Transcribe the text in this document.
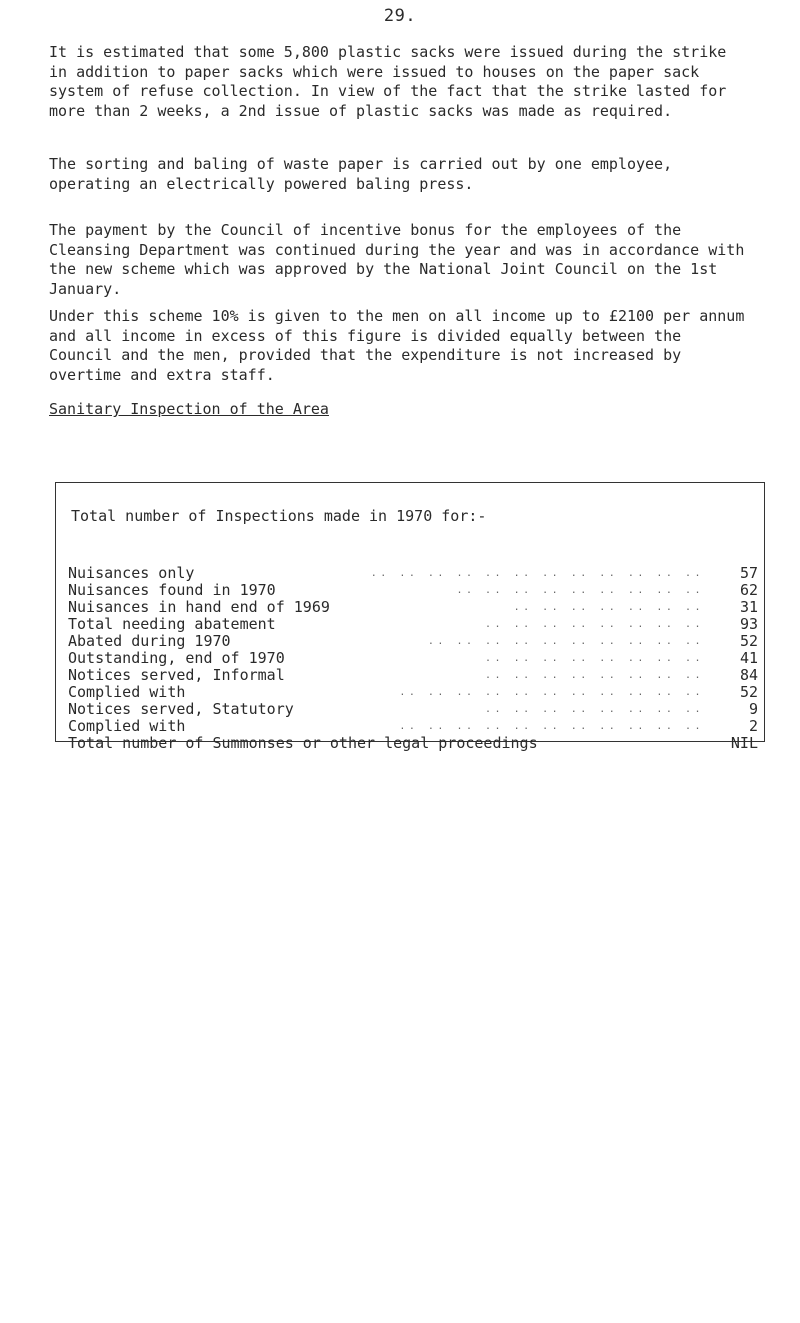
29.

It is estimated that some 5,800 plastic sacks were issued during the strike in addition to paper sacks which were issued to houses on the paper sack system of refuse collection. In view of the fact that the strike lasted for more than 2 weeks, a 2nd issue of plastic sacks was made as required.

The sorting and baling of waste paper is carried out by one employee, operating an electrically powered baling press.

The payment by the Council of incentive bonus for the employees of the Cleansing Department was continued during the year and was in accordance with the new scheme which was approved by the National Joint Council on the 1st January.

Under this scheme 10% is given to the men on all income up to £2100 per annum and all income in excess of this figure is divided equally between the Council and the men, provided that the expenditure is not increased by overtime and extra staff.

Sanitary Inspection of the Area

Total number of Inspections made in 1970 for:-

Nuisances only	.. .. .. .. .. .. .. .. .. .. .. ..	57
Nuisances found in 1970	.. .. .. .. .. .. .. .. ..	62
Nuisances in hand end of 1969	.. .. .. .. .. .. ..	31
Total needing abatement	.. .. .. .. .. .. .. ..	93
Abated during 1970	.. .. .. .. .. .. .. .. .. ..	52
Outstanding, end of 1970	.. .. .. .. .. .. .. ..	41
Notices served, Informal	.. .. .. .. .. .. .. ..	84
Complied with	.. .. .. .. .. .. .. .. .. .. ..	52
Notices served, Statutory	.. .. .. .. .. .. .. ..	9
Complied with	.. .. .. .. .. .. .. .. .. .. ..	2
Total number of Summonses or other legal proceedings	NIL
